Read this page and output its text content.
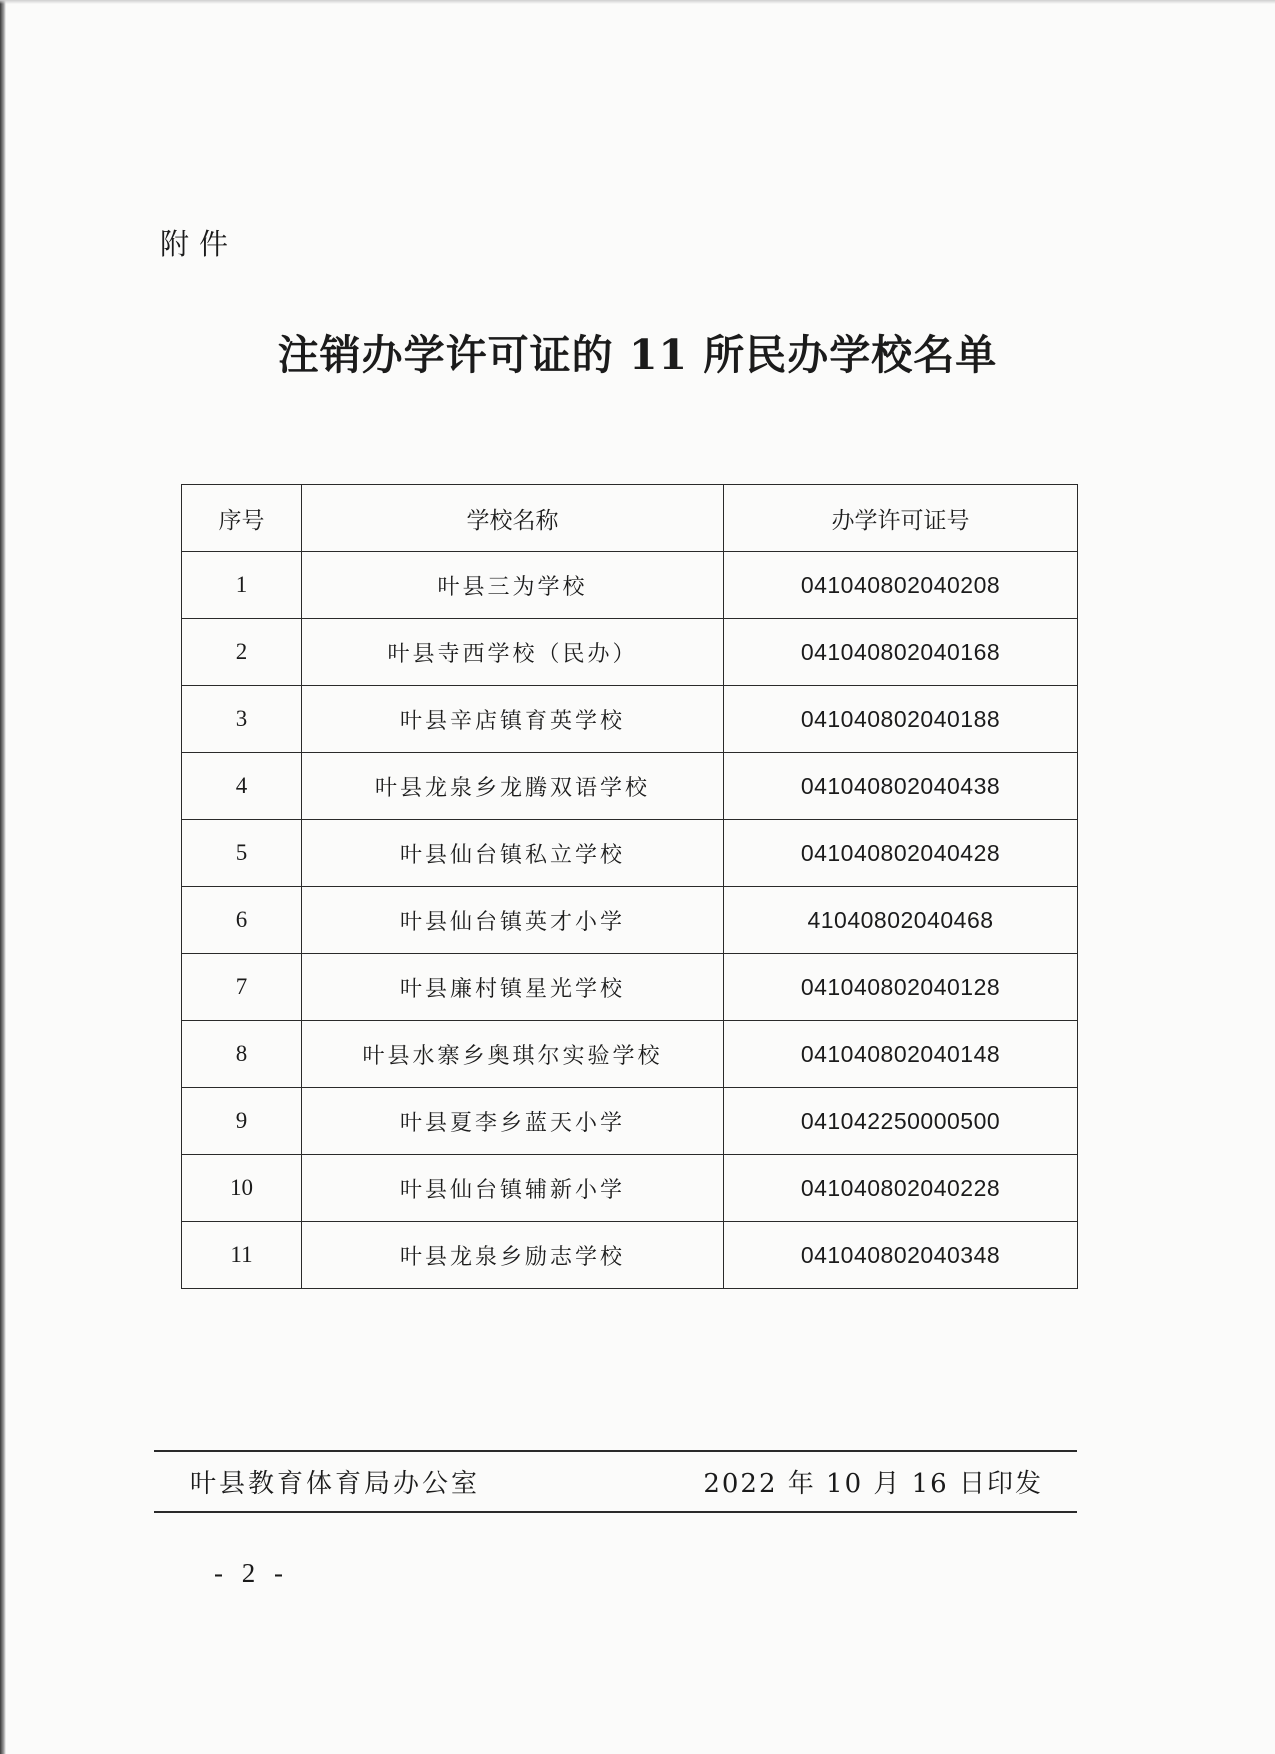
附件
注销办学许可证的 11 所民办学校名单
序号	学校名称	办学许可证号
1	叶县三为学校	041040802040208
2	叶县寺西学校（民办）	041040802040168
3	叶县辛店镇育英学校	041040802040188
4	叶县龙泉乡龙腾双语学校	041040802040438
5	叶县仙台镇私立学校	041040802040428
6	叶县仙台镇英才小学	41040802040468
7	叶县廉村镇星光学校	041040802040128
8	叶县水寨乡奥琪尔实验学校	041040802040148
9	叶县夏李乡蓝天小学	041042250000500
10	叶县仙台镇辅新小学	041040802040228
11	叶县龙泉乡励志学校	041040802040348
叶县教育体育局办公室	2022 年 10 月 16 日印发
- 2 -
